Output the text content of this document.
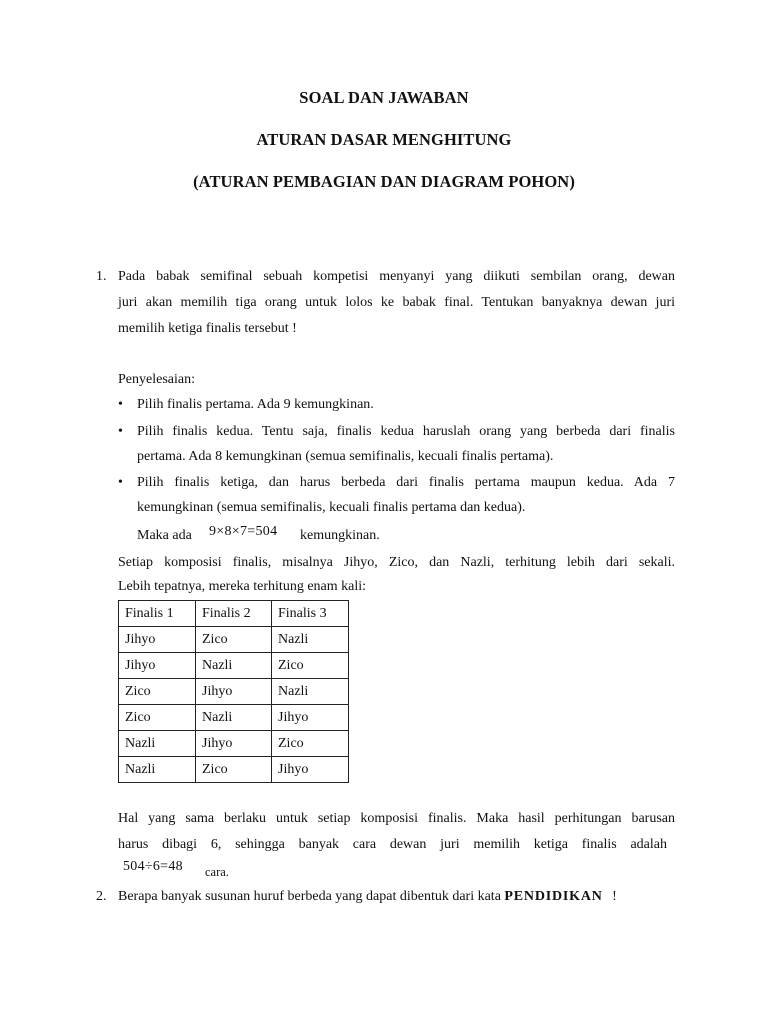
SOAL DAN JAWABAN
ATURAN DASAR MENGHITUNG
(ATURAN PEMBAGIAN DAN DIAGRAM POHON)
1. Pada babak semifinal sebuah kompetisi menyanyi yang diikuti sembilan orang, dewan
juri akan memilih tiga orang untuk lolos ke babak final. Tentukan banyaknya dewan juri
memilih ketiga finalis tersebut !
Penyelesaian:
• Pilih finalis pertama. Ada 9 kemungkinan.
• Pilih finalis kedua. Tentu saja, finalis kedua haruslah orang yang berbeda dari finalis
pertama. Ada 8 kemungkinan (semua semifinalis, kecuali finalis pertama).
• Pilih finalis ketiga, dan harus berbeda dari finalis pertama maupun kedua. Ada 7
kemungkinan (semua semifinalis, kecuali finalis pertama dan kedua).
Maka ada 9×8×7=504 kemungkinan.
Setiap komposisi finalis, misalnya Jihyo, Zico, dan Nazli, terhitung lebih dari sekali.
Lebih tepatnya, mereka terhitung enam kali:
Finalis 1	Finalis 2	Finalis 3
Jihyo	Zico	Nazli
Jihyo	Nazli	Zico
Zico	Jihyo	Nazli
Zico	Nazli	Jihyo
Nazli	Jihyo	Zico
Nazli	Zico	Jihyo
Hal yang sama berlaku untuk setiap komposisi finalis. Maka hasil perhitungan barusan
harus dibagi 6, sehingga banyak cara dewan juri memilih ketiga finalis adalah
504÷6=48 cara.
2. Berapa banyak susunan huruf berbeda yang dapat dibentuk dari kata PENDIDIKAN !
